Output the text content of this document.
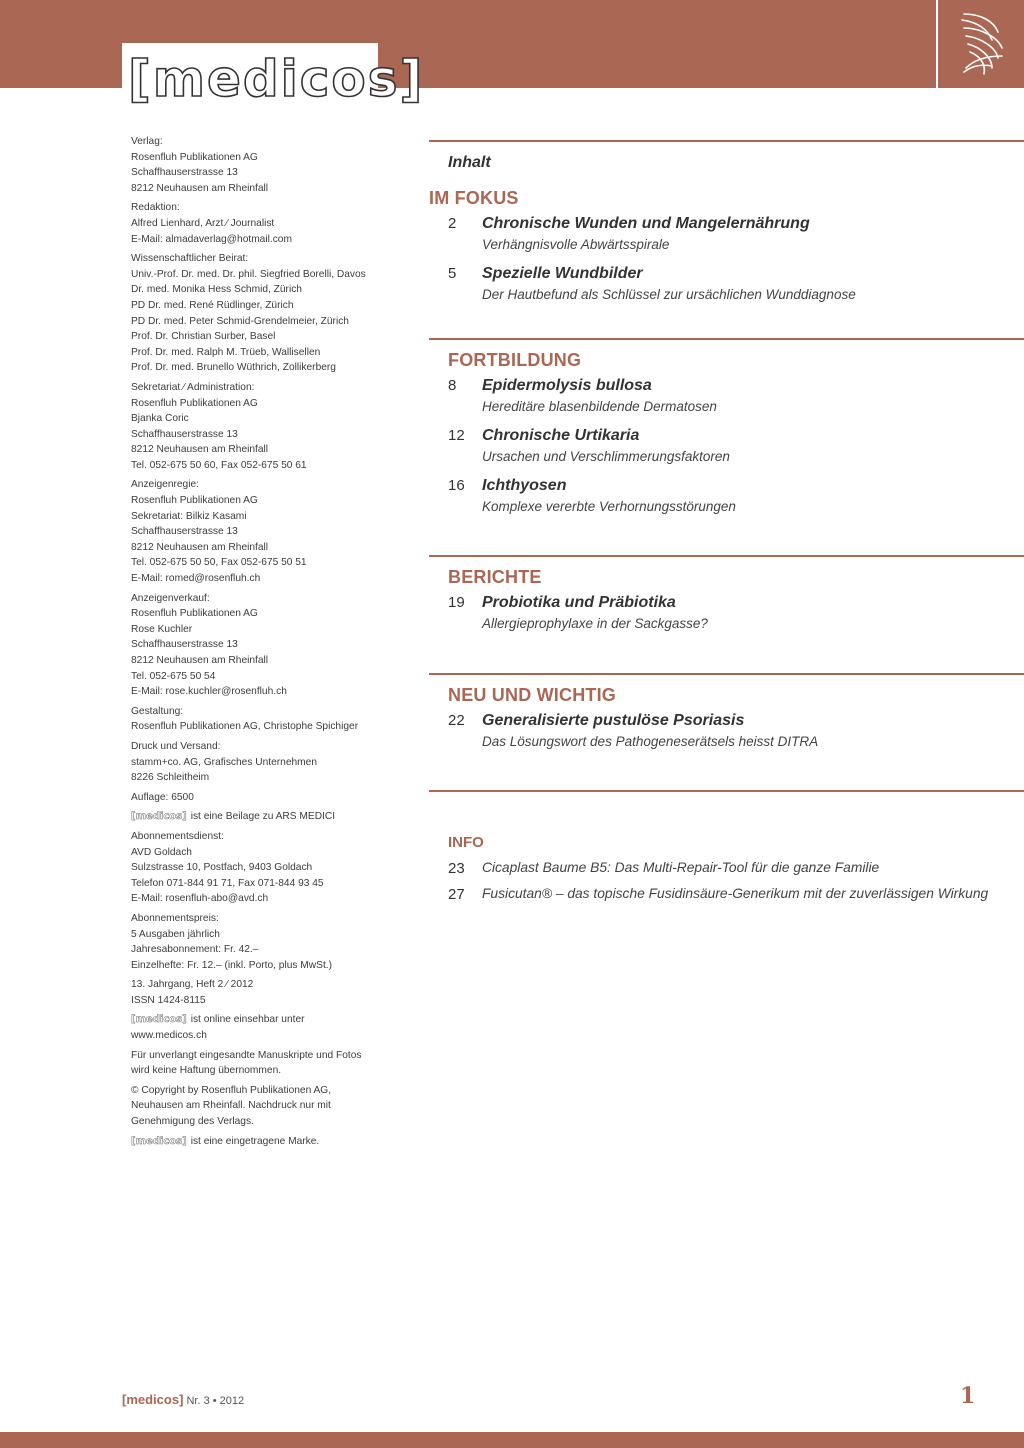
[medicos]
Verlag:
Rosenfluh Publikationen AG
Schaffhauserstrasse 13
8212 Neuhausen am Rheinfall
Redaktion:
Alfred Lienhard, Arzt ⁄ Journalist
E-Mail: almadaverlag@hotmail.com
Wissenschaftlicher Beirat:
Univ.-Prof. Dr. med. Dr. phil. Siegfried Borelli, Davos
Dr. med. Monika Hess Schmid, Zürich
PD Dr. med. René Rüdlinger, Zürich
PD Dr. med. Peter Schmid-Grendelmeier, Zürich
Prof. Dr. Christian Surber, Basel
Prof. Dr. med. Ralph M. Trüeb, Wallisellen
Prof. Dr. med. Brunello Wüthrich, Zollikerberg
Sekretariat ⁄ Administration:
Rosenfluh Publikationen AG
Bjanka Coric
Schaffhauserstrasse 13
8212 Neuhausen am Rheinfall
Tel. 052-675 50 60, Fax 052-675 50 61
Anzeigenregie:
Rosenfluh Publikationen AG
Sekretariat: Bilkiz Kasami
Schaffhauserstrasse 13
8212 Neuhausen am Rheinfall
Tel. 052-675 50 50, Fax 052-675 50 51
E-Mail: romed@rosenfluh.ch
Anzeigenverkauf:
Rosenfluh Publikationen AG
Rose Kuchler
Schaffhauserstrasse 13
8212 Neuhausen am Rheinfall
Tel. 052-675 50 54
E-Mail: rose.kuchler@rosenfluh.ch
Gestaltung:
Rosenfluh Publikationen AG, Christophe Spichiger
Druck und Versand:
stamm+co. AG, Grafisches Unternehmen
8226 Schleitheim
Auflage: 6500
[medicos] ist eine Beilage zu ARS MEDICI
Abonnementsdienst:
AVD Goldach
Sulzstrasse 10, Postfach, 9403 Goldach
Telefon 071-844 91 71, Fax 071-844 93 45
E-Mail: rosenfluh-abo@avd.ch
Abonnementspreis:
5 Ausgaben jährlich
Jahresabonnement: Fr. 42.–
Einzelhefte: Fr. 12.– (inkl. Porto, plus MwSt.)
13. Jahrgang, Heft 2 ⁄ 2012
ISSN 1424-8115
[medicos] ist online einsehbar unter
www.medicos.ch
Für unverlangt eingesandte Manuskripte und Fotos
wird keine Haftung übernommen.
© Copyright by Rosenfluh Publikationen AG,
Neuhausen am Rheinfall. Nachdruck nur mit
Genehmigung des Verlags.
[medicos] ist eine eingetragene Marke.
Inhalt
IM FOKUS
2 Chronische Wunden und Mangelernährung
Verhängnisvolle Abwärtsspirale
5 Spezielle Wundbilder
Der Hautbefund als Schlüssel zur ursächlichen Wunddiagnose
FORTBILDUNG
8 Epidermolysis bullosa
Hereditäre blasenbildende Dermatosen
12 Chronische Urtikaria
Ursachen und Verschlimmerungsfaktoren
16 Ichthyosen
Komplexe vererbte Verhornungsstörungen
BERICHTE
19 Probiotika und Präbiotika
Allergieprophylaxe in der Sackgasse?
NEU UND WICHTIG
22 Generalisierte pustulöse Psoriasis
Das Lösungswort des Pathogeneserätsels heisst DITRA
INFO
23 Cicaplast Baume B5: Das Multi-Repair-Tool für die ganze Familie
27 Fusicutan® – das topische Fusidinsäure-Generikum mit der zuverlässigen Wirkung
[medicos] Nr. 3 • 2012	1
